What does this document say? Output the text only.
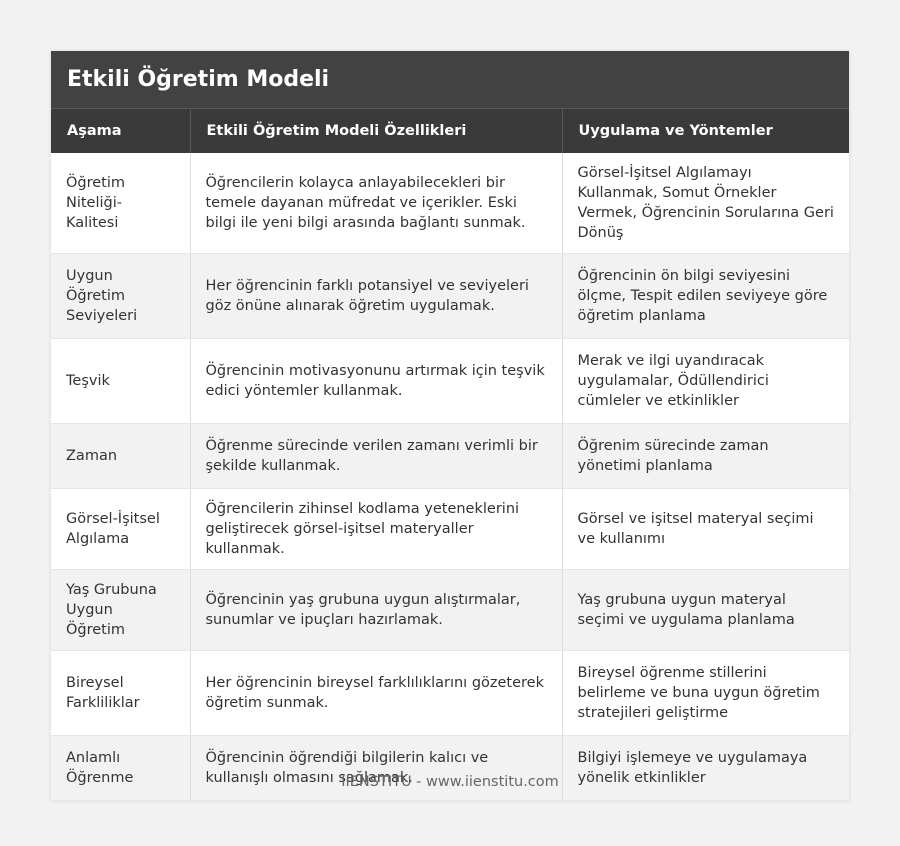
Etkili Öğretim Modeli
Aşama	Etkili Öğretim Modeli Özellikleri	Uygulama ve Yöntemler
Öğretim Niteliği- Kalitesi	Öğrencilerin kolayca anlayabilecekleri bir temele dayanan müfredat ve içerikler. Eski bilgi ile yeni bilgi arasında bağlantı sunmak.	Görsel-İşitsel Algılamayı Kullanmak, Somut Örnekler Vermek, Öğrencinin Sorularına Geri Dönüş
Uygun Öğretim Seviyeleri	Her öğrencinin farklı potansiyel ve seviyeleri göz önüne alınarak öğretim uygulamak.	Öğrencinin ön bilgi seviyesini ölçme, Tespit edilen seviyeye göre öğretim planlama
Teşvik	Öğrencinin motivasyonunu artırmak için teşvik edici yöntemler kullanmak.	Merak ve ilgi uyandıracak uygulamalar, Ödüllendirici cümleler ve etkinlikler
Zaman	Öğrenme sürecinde verilen zamanı verimli bir şekilde kullanmak.	Öğrenim sürecinde zaman yönetimi planlama
Görsel-İşitsel Algılama	Öğrencilerin zihinsel kodlama yeteneklerini geliştirecek görsel-işitsel materyaller kullanmak.	Görsel ve işitsel materyal seçimi ve kullanımı
Yaş Grubuna Uygun Öğretim	Öğrencinin yaş grubuna uygun alıştırmalar, sunumlar ve ipuçları hazırlamak.	Yaş grubuna uygun materyal seçimi ve uygulama planlama
Bireysel Farkliliklar	Her öğrencinin bireysel farklılıklarını gözeterek öğretim sunmak.	Bireysel öğrenme stillerini belirleme ve buna uygun öğretim stratejileri geliştirme
Anlamlı Öğrenme	Öğrencinin öğrendiği bilgilerin kalıcı ve kullanışlı olmasını sağlamak.	Bilgiyi işlemeye ve uygulamaya yönelik etkinlikler
IIENSTITU - www.iienstitu.com
